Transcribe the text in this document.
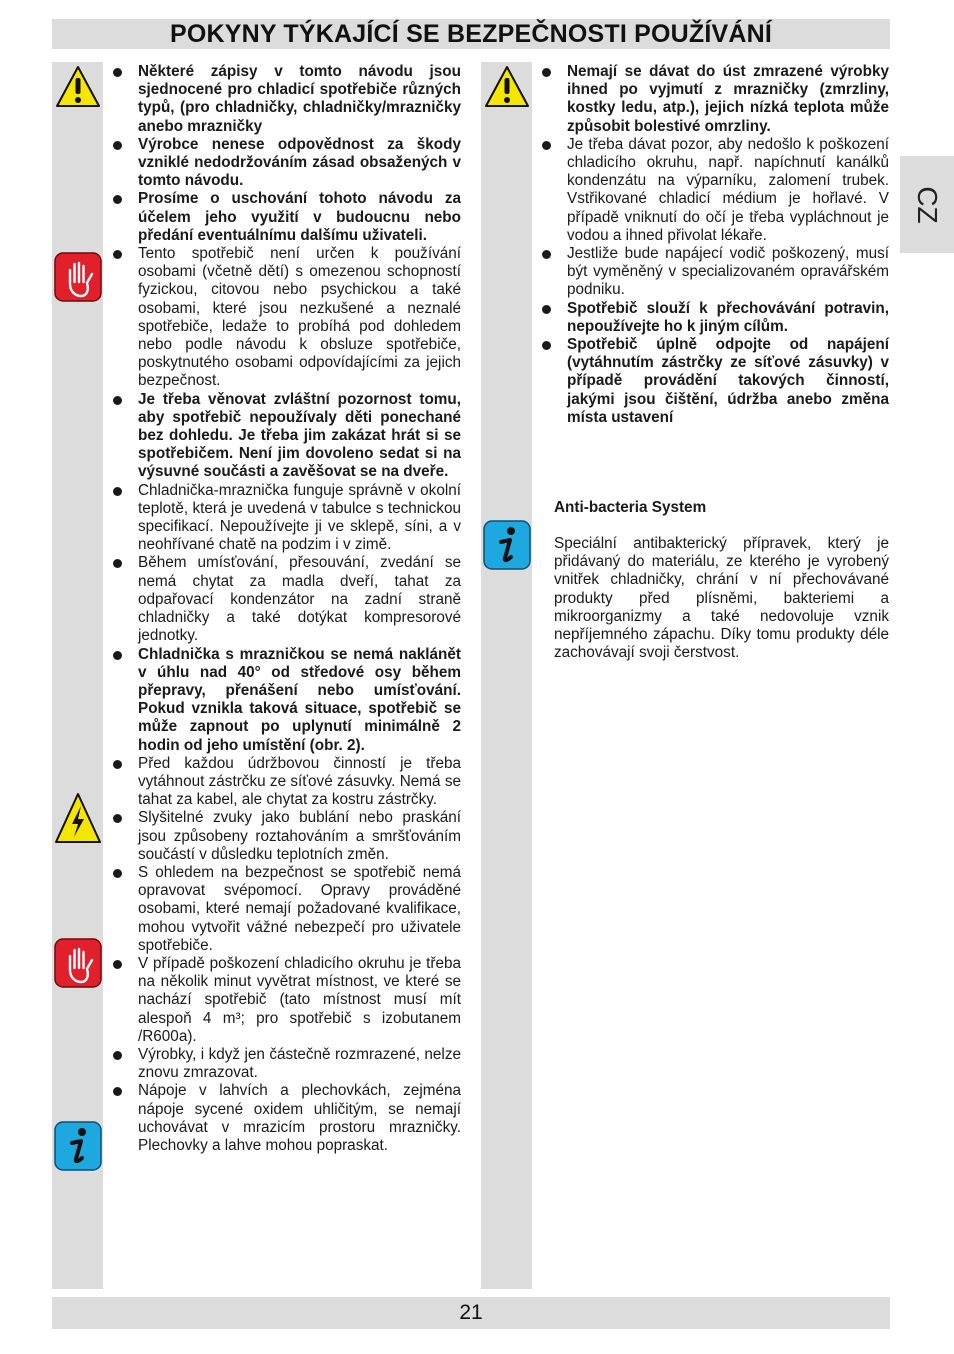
POKYNY TÝKAJÍCÍ SE BEZPEČNOSTI POUŽÍVÁNÍ
CZ
Některé zápisy v tomto návodu jsou sjednocené pro chladicí spotřebiče různých typů, (pro chladničky, chladničky/mrazničky anebo mrazničky
Výrobce nenese odpovědnost za škody vzniklé nedodržováním zásad obsažených v tomto návodu.
Prosíme o uschování tohoto návodu za účelem jeho využití v budoucnu nebo předání eventuálnímu dalšímu uživateli.
Tento spotřebič není určen k používání osobami (včetně dětí) s omezenou schopností fyzickou, citovou nebo psychickou a také osobami, které jsou nezkušené a neznalé spotřebiče, ledaže to probíhá pod dohledem nebo podle návodu k obsluze spotřebiče, poskytnutého osobami odpovídajícími za jejich bezpečnost.
Je třeba věnovat zvláštní pozornost tomu, aby spotřebič nepoužívaly děti ponechané bez dohledu. Je třeba jim zakázat hrát si se spotřebičem. Není jim dovoleno sedat si na výsuvné součásti a zavěšovat se na dveře.
Chladnička-mraznička funguje správně v okolní teplotě, která je uvedená v tabulce s technickou specifikací. Nepoužívejte ji ve sklepě, síni, a v neohřívané chatě na podzim i v zimě.
Během umísťování, přesouvání, zvedání se nemá chytat za madla dveří, tahat za odpařovací kondenzátor na zadní straně chladničky a také dotýkat kompresorové jednotky.
Chladnička s mrazničkou se nemá naklánět v úhlu nad 40° od středové osy během přepravy, přenášení nebo umísťování. Pokud vznikla taková situace, spotřebič se může zapnout po uplynutí minimálně 2 hodin od jeho umístění (obr. 2).
Před každou údržbovou činností je třeba vytáhnout zástrčku ze síťové zásuvky. Nemá se tahat za kabel, ale chytat za kostru zástrčky.
Slyšitelné zvuky jako bublání nebo praskání jsou způsobeny roztahováním a smršťováním součástí v důsledku teplotních změn.
S ohledem na bezpečnost se spotřebič nemá opravovat svépomocí. Opravy prováděné osobami, které nemají požadované kvalifikace, mohou vytvořit vážné nebezpečí pro uživatele spotřebiče.
V případě poškození chladicího okruhu je třeba na několik minut vyvětrat místnost, ve které se nachází spotřebič (tato místnost musí mít alespoň 4 m³; pro spotřebič s izobutanem /R600a).
Výrobky, i když jen částečně rozmrazené, nelze znovu zmrazovat.
Nápoje v lahvích a plechovkách, zejména nápoje sycené oxidem uhličitým, se nemají uchovávat v mrazicím prostoru mrazničky. Plechovky a lahve mohou popraskat.
Nemají se dávat do úst zmrazené výrobky ihned po vyjmutí z mrazničky (zmrzliny, kostky ledu, atp.), jejich nízká teplota může způsobit bolestivé omrzliny.
Je třeba dávat pozor, aby nedošlo k poškození chladicího okruhu, např. napíchnutí kanálků kondenzátu na výparníku, zalomení trubek. Vstřikované chladicí médium je hořlavé. V případě vniknutí do očí je třeba vypláchnout je vodou a ihned přivolat lékaře.
Jestliže bude napájecí vodič poškozený, musí být vyměněný v specializovaném opravářském podniku.
Spotřebič slouží k přechovávání potravin, nepoužívejte ho k jiným cílům.
Spotřebič úplně odpojte od napájení (vytáhnutím zástrčky ze síťové zásuvky) v případě provádění takových činností, jakými jsou čištění, údržba anebo změna místa ustavení
Anti-bacteria System
Speciální antibakterický přípravek, který je přidávaný do materiálu, ze kterého je vyrobený vnitřek chladničky, chrání v ní přechovávané produkty před plísněmi, bakteriemi a mikroorganizmy a také nedovoluje vznik nepříjemného zápachu. Díky tomu produkty déle zachovávají svoji čerstvost.
21
